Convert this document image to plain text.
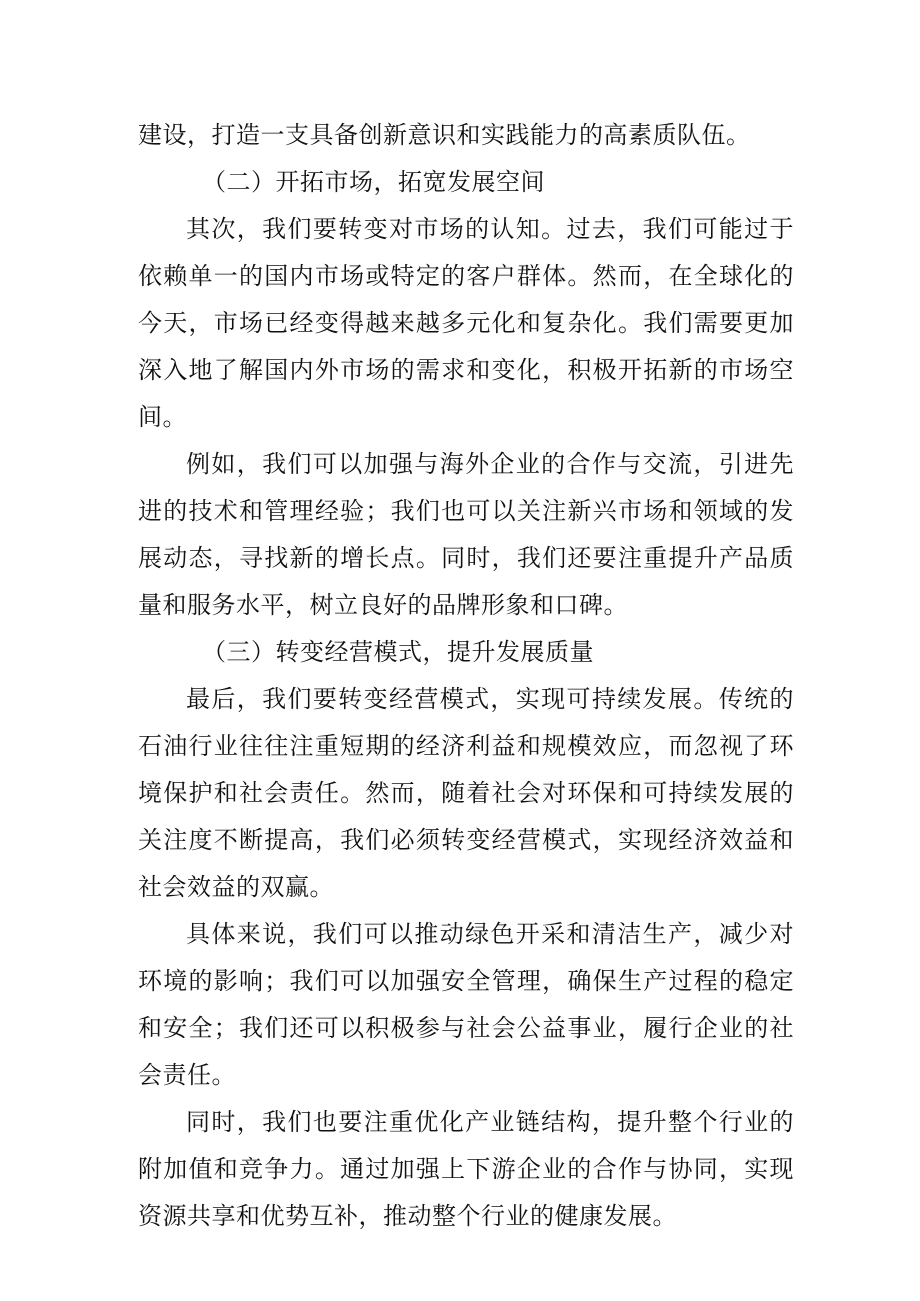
建设，打造一支具备创新意识和实践能力的高素质队伍。

（二）开拓市场，拓宽发展空间

其次，我们要转变对市场的认知。过去，我们可能过于依赖单一的国内市场或特定的客户群体。然而，在全球化的今天，市场已经变得越来越多元化和复杂化。我们需要更加深入地了解国内外市场的需求和变化，积极开拓新的市场空间。

例如，我们可以加强与海外企业的合作与交流，引进先进的技术和管理经验；我们也可以关注新兴市场和领域的发展动态，寻找新的增长点。同时，我们还要注重提升产品质量和服务水平，树立良好的品牌形象和口碑。

（三）转变经营模式，提升发展质量

最后，我们要转变经营模式，实现可持续发展。传统的石油行业往往注重短期的经济利益和规模效应，而忽视了环境保护和社会责任。然而，随着社会对环保和可持续发展的关注度不断提高，我们必须转变经营模式，实现经济效益和社会效益的双赢。

具体来说，我们可以推动绿色开采和清洁生产，减少对环境的影响；我们可以加强安全管理，确保生产过程的稳定和安全；我们还可以积极参与社会公益事业，履行企业的社会责任。

同时，我们也要注重优化产业链结构，提升整个行业的附加值和竞争力。通过加强上下游企业的合作与协同，实现资源共享和优势互补，推动整个行业的健康发展。
